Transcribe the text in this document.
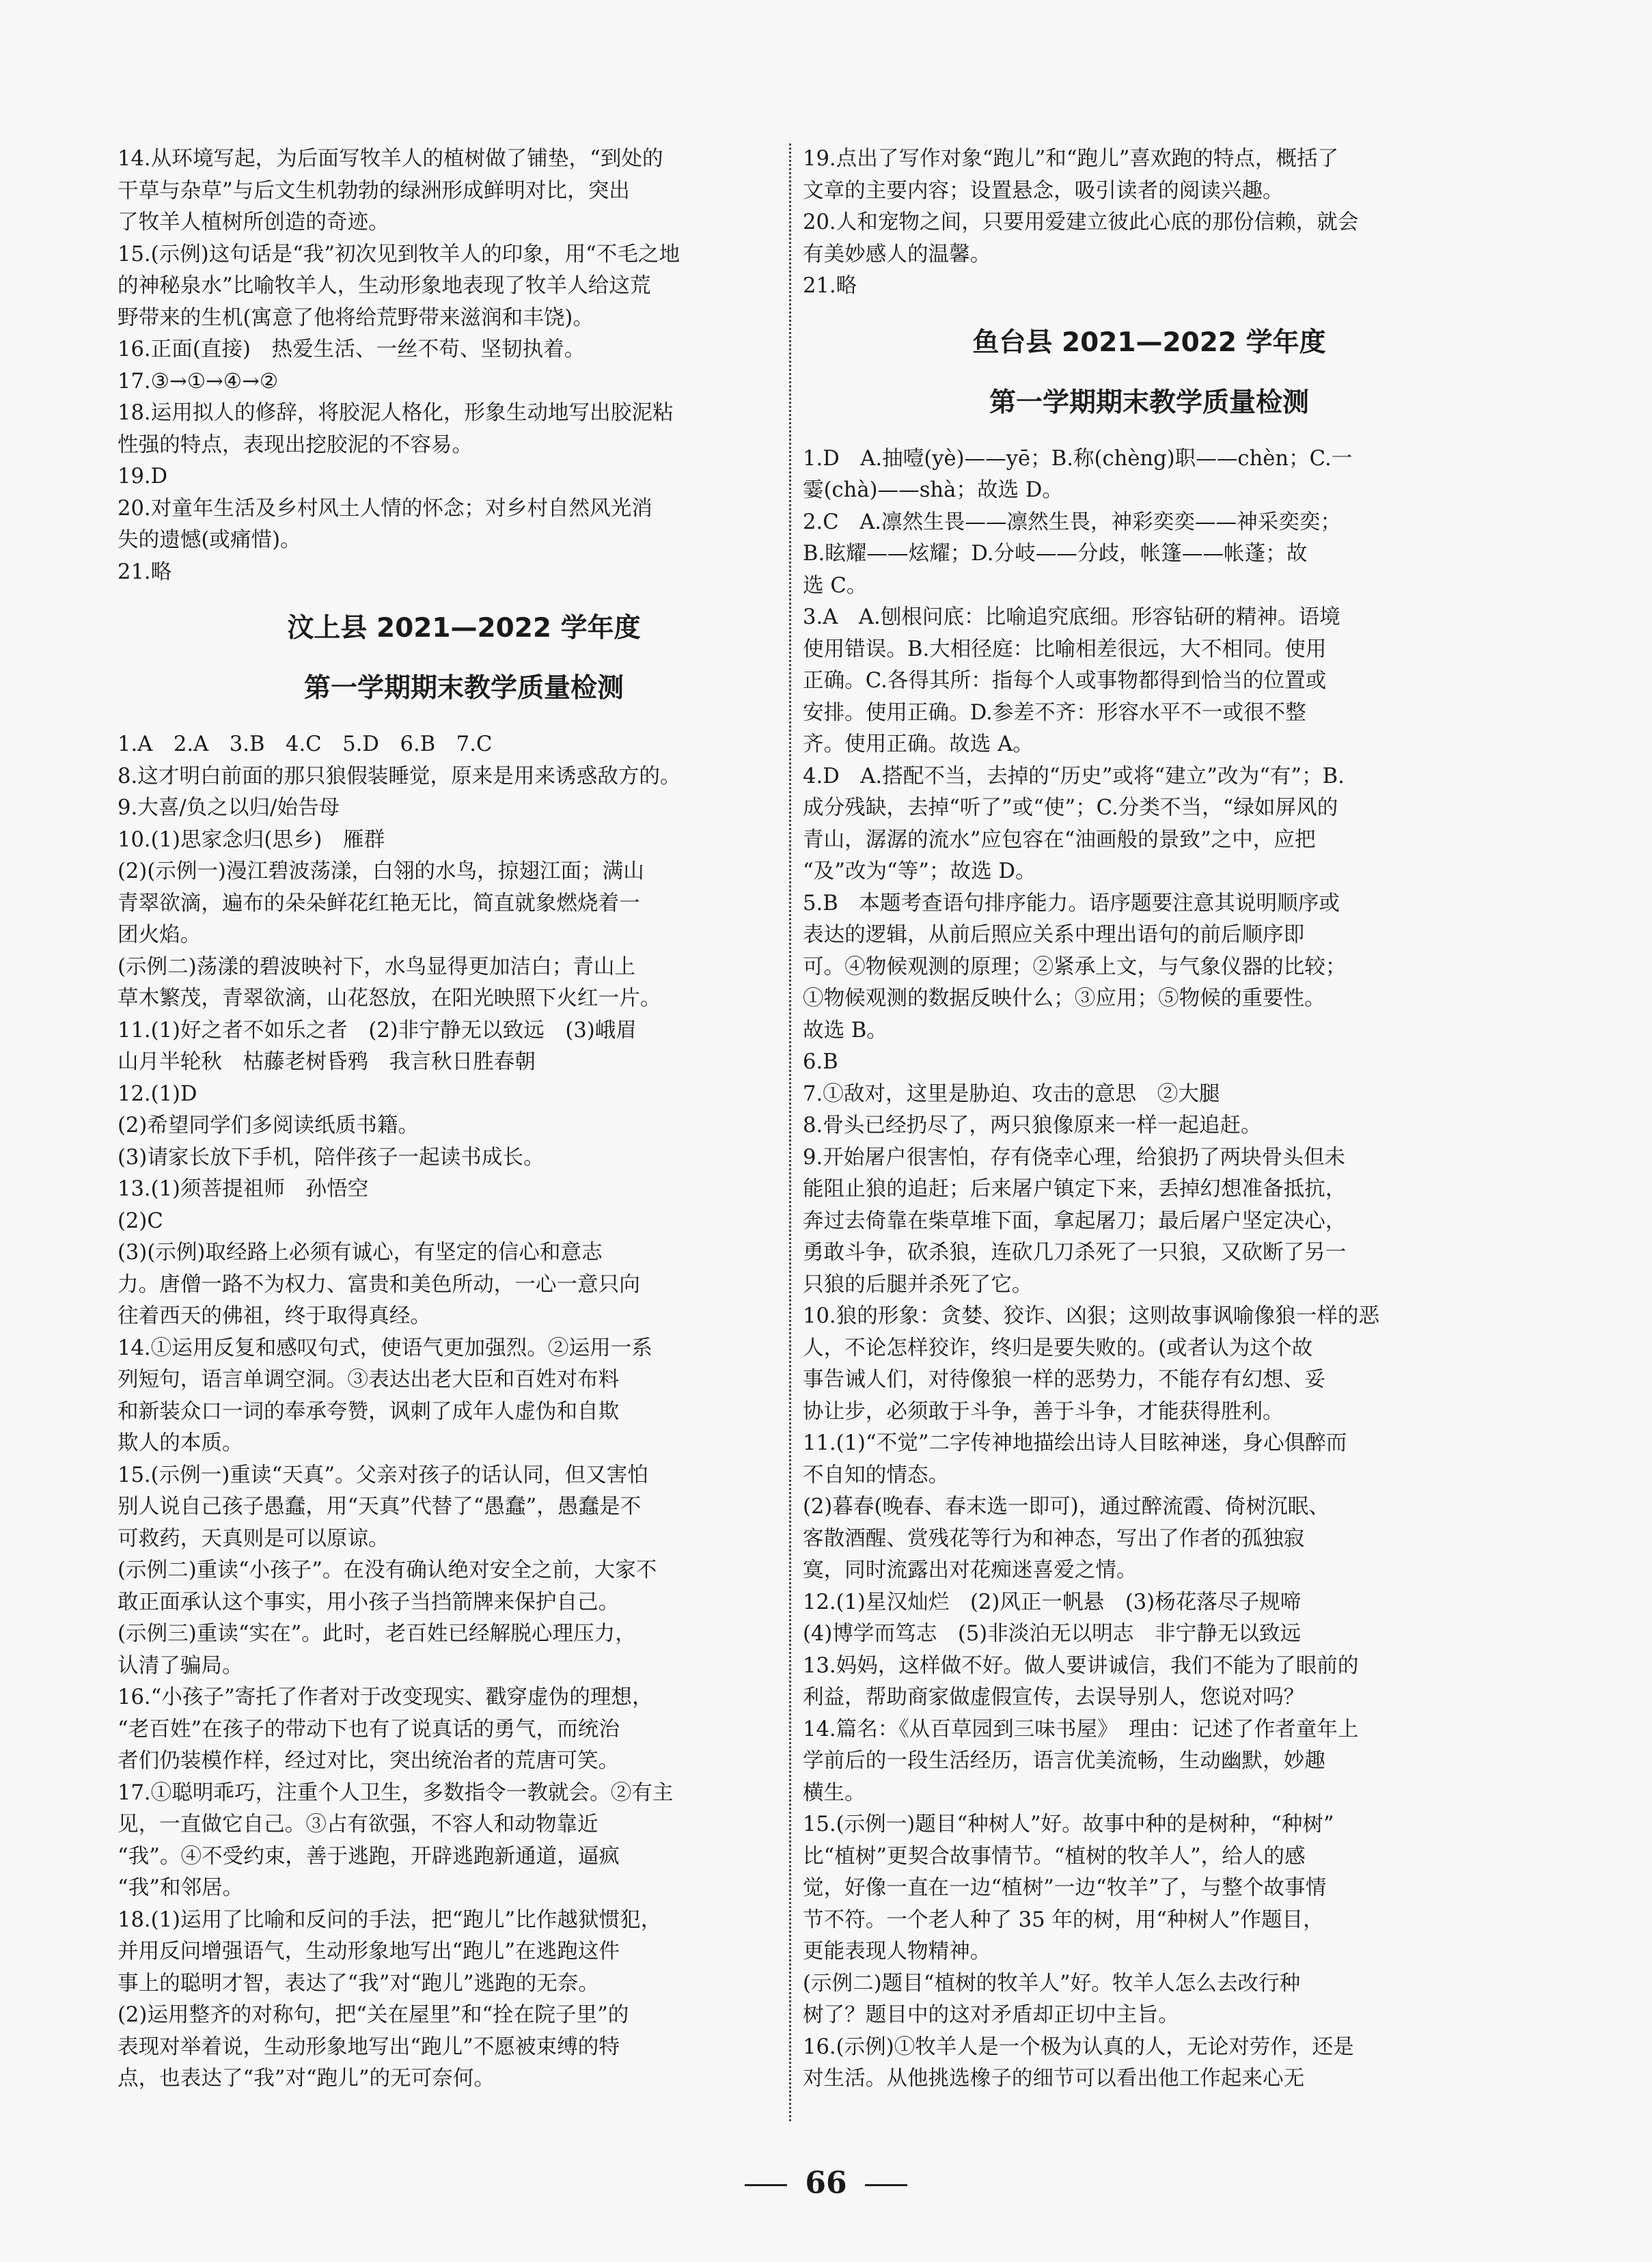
14.从环境写起，为后面写牧羊人的植树做了铺垫，“到处的
干草与杂草”与后文生机勃勃的绿洲形成鲜明对比，突出
了牧羊人植树所创造的奇迹。

15.(示例)这句话是“我”初次见到牧羊人的印象，用“不毛之地
的神秘泉水”比喻牧羊人，生动形象地表现了牧羊人给这荒
野带来的生机(寓意了他将给荒野带来滋润和丰饶)。

16.正面(直接)　热爱生活、一丝不苟、坚韧执着。

17.③→①→④→②

18.运用拟人的修辞，将胶泥人格化，形象生动地写出胶泥粘
性强的特点，表现出挖胶泥的不容易。

19.D

20.对童年生活及乡村风土人情的怀念；对乡村自然风光消
失的遗憾(或痛惜)。

21.略

汶上县 2021—2022 学年度
第一学期期末教学质量检测

1.A　2.A　3.B　4.C　5.D　6.B　7.C

8.这才明白前面的那只狼假装睡觉，原来是用来诱惑敌方的。

9.大喜/负之以归/始告母

10.(1)思家念归(思乡)　雁群

(2)(示例一)漫江碧波荡漾，白翎的水鸟，掠翅江面；满山
青翠欲滴，遍布的朵朵鲜花红艳无比，简直就象燃烧着一
团火焰。

(示例二)荡漾的碧波映衬下，水鸟显得更加洁白；青山上
草木繁茂，青翠欲滴，山花怒放，在阳光映照下火红一片。

11.(1)好之者不如乐之者　(2)非宁静无以致远　(3)峨眉
山月半轮秋　枯藤老树昏鸦　我言秋日胜春朝

12.(1)D

(2)希望同学们多阅读纸质书籍。

(3)请家长放下手机，陪伴孩子一起读书成长。

13.(1)须菩提祖师　孙悟空

(2)C

(3)(示例)取经路上必须有诚心，有坚定的信心和意志
力。唐僧一路不为权力、富贵和美色所动，一心一意只向
往着西天的佛祖，终于取得真经。

14.①运用反复和感叹句式，使语气更加强烈。②运用一系
列短句，语言单调空洞。③表达出老大臣和百姓对布料
和新装众口一词的奉承夸赞，讽刺了成年人虚伪和自欺
欺人的本质。

15.(示例一)重读“天真”。父亲对孩子的话认同，但又害怕
别人说自己孩子愚蠢，用“天真”代替了“愚蠢”，愚蠢是不
可救药，天真则是可以原谅。

(示例二)重读“小孩子”。在没有确认绝对安全之前，大家不
敢正面承认这个事实，用小孩子当挡箭牌来保护自己。

(示例三)重读“实在”。此时，老百姓已经解脱心理压力，
认清了骗局。

16.“小孩子”寄托了作者对于改变现实、戳穿虚伪的理想，
“老百姓”在孩子的带动下也有了说真话的勇气，而统治
者们仍装模作样，经过对比，突出统治者的荒唐可笑。

17.①聪明乖巧，注重个人卫生，多数指令一教就会。②有主
见，一直做它自己。③占有欲强，不容人和动物靠近
“我”。④不受约束，善于逃跑，开辟逃跑新通道，逼疯
“我”和邻居。

18.(1)运用了比喻和反问的手法，把“跑儿”比作越狱惯犯，
并用反问增强语气，生动形象地写出“跑儿”在逃跑这件
事上的聪明才智，表达了“我”对“跑儿”逃跑的无奈。

(2)运用整齐的对称句，把“关在屋里”和“拴在院子里”的
表现对举着说，生动形象地写出“跑儿”不愿被束缚的特
点，也表达了“我”对“跑儿”的无可奈何。

19.点出了写作对象“跑儿”和“跑儿”喜欢跑的特点，概括了
文章的主要内容；设置悬念，吸引读者的阅读兴趣。

20.人和宠物之间，只要用爱建立彼此心底的那份信赖，就会
有美妙感人的温馨。

21.略

鱼台县 2021—2022 学年度
第一学期期末教学质量检测

1.D　A.抽噎(yè)——yē；B.称(chèng)职——chèn；C.一
霎(chà)——shà；故选 D。

2.C　A.凛然生畏——凛然生畏，神彩奕奕——神采奕奕；
B.眩耀——炫耀；D.分岐——分歧，帐篷——帐蓬；故
选 C。

3.A　A.刨根问底：比喻追究底细。形容钻研的精神。语境
使用错误。B.大相径庭：比喻相差很远，大不相同。使用
正确。C.各得其所：指每个人或事物都得到恰当的位置或
安排。使用正确。D.参差不齐：形容水平不一或很不整
齐。使用正确。故选 A。

4.D　A.搭配不当，去掉的“历史”或将“建立”改为“有”；B.
成分残缺，去掉“听了”或“使”；C.分类不当，“绿如屏风的
青山，潺潺的流水”应包容在“油画般的景致”之中，应把
“及”改为“等”；故选 D。

5.B　本题考查语句排序能力。语序题要注意其说明顺序或
表达的逻辑，从前后照应关系中理出语句的前后顺序即
可。④物候观测的原理；②紧承上文，与气象仪器的比较；
①物候观测的数据反映什么；③应用；⑤物候的重要性。
故选 B。

6.B

7.①敌对，这里是胁迫、攻击的意思　②大腿

8.骨头已经扔尽了，两只狼像原来一样一起追赶。

9.开始屠户很害怕，存有侥幸心理，给狼扔了两块骨头但未
能阻止狼的追赶；后来屠户镇定下来，丢掉幻想准备抵抗，
奔过去倚靠在柴草堆下面，拿起屠刀；最后屠户坚定决心，
勇敢斗争，砍杀狼，连砍几刀杀死了一只狼，又砍断了另一
只狼的后腿并杀死了它。

10.狼的形象：贪婪、狡诈、凶狠；这则故事讽喻像狼一样的恶
人，不论怎样狡诈，终归是要失败的。(或者认为这个故
事告诫人们，对待像狼一样的恶势力，不能存有幻想、妥
协让步，必须敢于斗争，善于斗争，才能获得胜利。

11.(1)“不觉”二字传神地描绘出诗人目眩神迷，身心俱醉而
不自知的情态。

(2)暮春(晚春、春末选一即可)，通过醉流霞、倚树沉眠、
客散酒醒、赏残花等行为和神态，写出了作者的孤独寂
寞，同时流露出对花痴迷喜爱之情。

12.(1)星汉灿烂　(2)风正一帆悬　(3)杨花落尽子规啼
(4)博学而笃志　(5)非淡泊无以明志　非宁静无以致远

13.妈妈，这样做不好。做人要讲诚信，我们不能为了眼前的
利益，帮助商家做虚假宣传，去误导别人，您说对吗？

14.篇名：《从百草园到三味书屋》　理由：记述了作者童年上
学前后的一段生活经历，语言优美流畅，生动幽默，妙趣
横生。

15.(示例一)题目“种树人”好。故事中种的是树种，“种树”
比“植树”更契合故事情节。“植树的牧羊人”，给人的感
觉，好像一直在一边“植树”一边“牧羊”了，与整个故事情
节不符。一个老人种了 35 年的树，用“种树人”作题目，
更能表现人物精神。

(示例二)题目“植树的牧羊人”好。牧羊人怎么去改行种
树了？题目中的这对矛盾却正切中主旨。

16.(示例)①牧羊人是一个极为认真的人，无论对劳作，还是
对生活。从他挑选橡子的细节可以看出他工作起来心无

66
